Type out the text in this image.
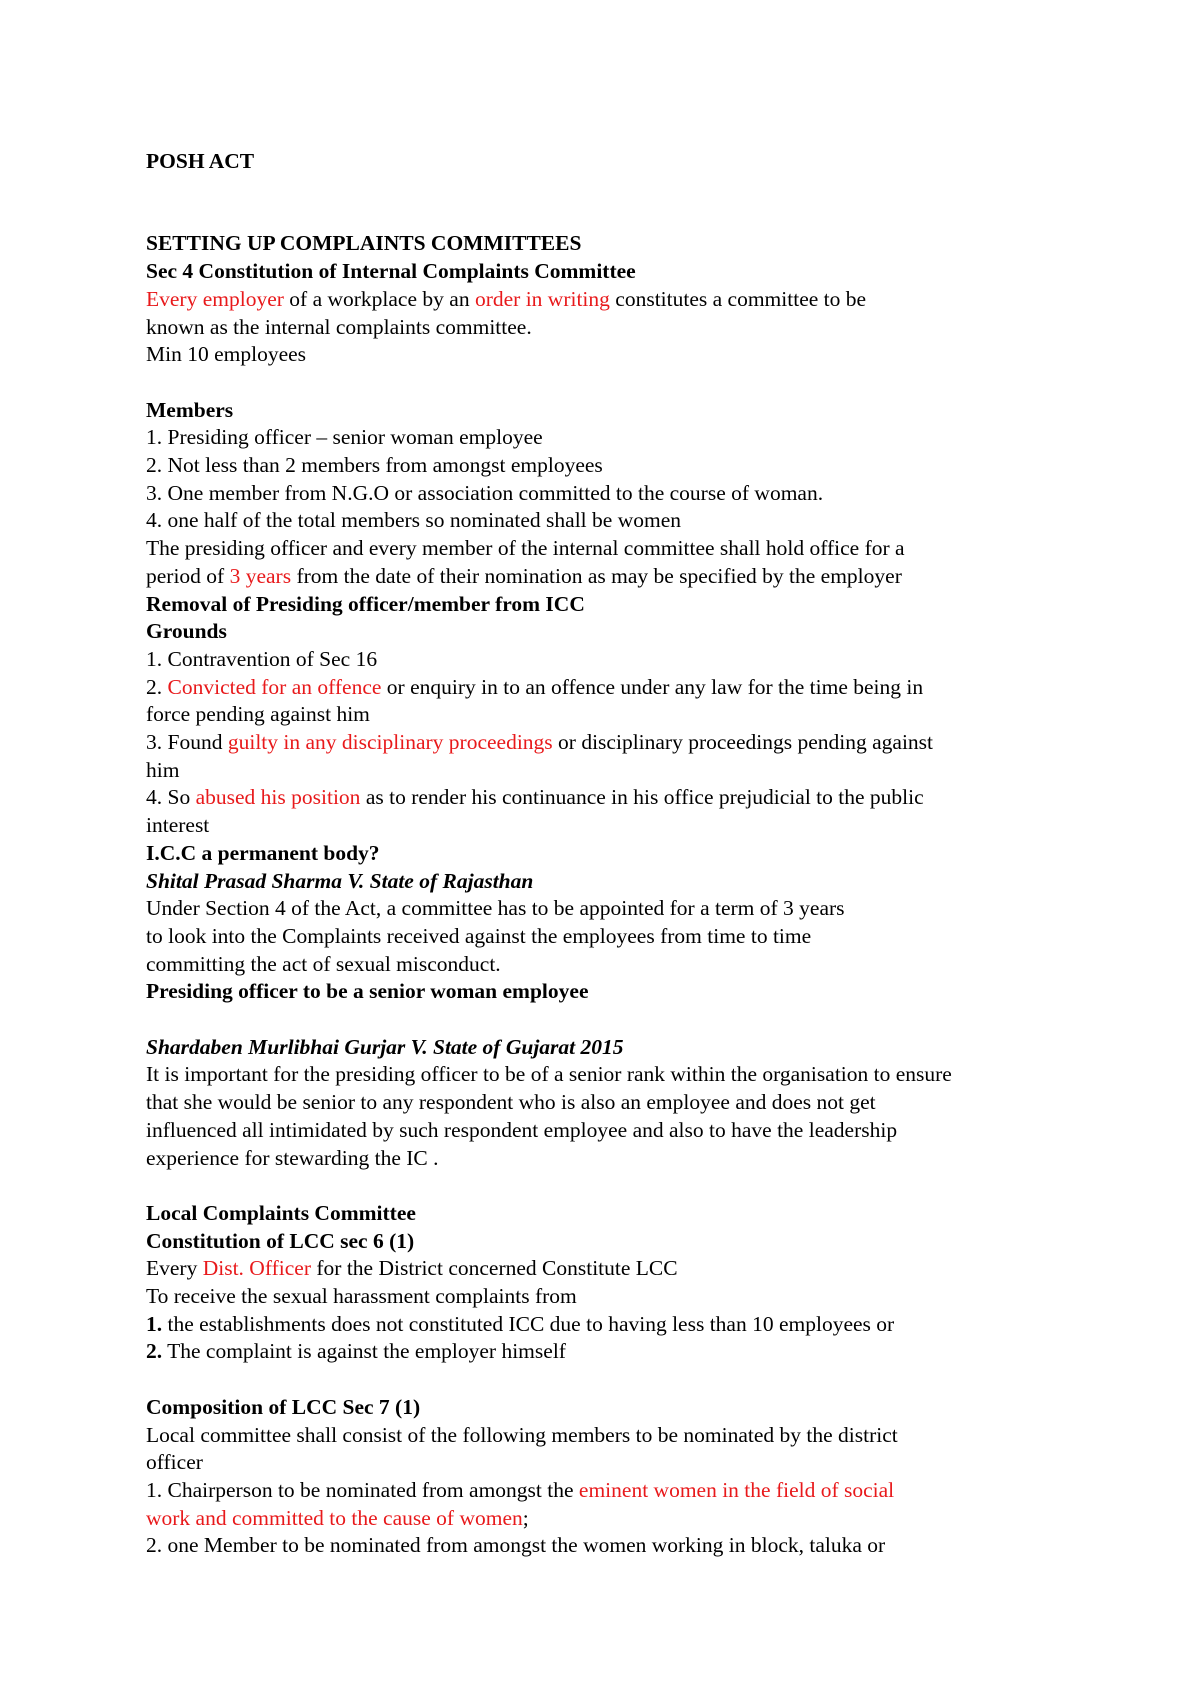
POSH ACT
SETTING UP COMPLAINTS COMMITTEES
Sec 4 Constitution of Internal Complaints Committee
Every employer of a workplace by an order in writing constitutes a committee to be
known as the internal complaints committee.
Min 10 employees
Members
1. Presiding officer – senior woman employee
2. Not less than 2 members from amongst employees
3. One member from N.G.O or association committed to the course of woman.
4. one half of the total members so nominated shall be women
The presiding officer and every member of the internal committee shall hold office for a
period of 3 years from the date of their nomination as may be specified by the employer
Removal of Presiding officer/member from ICC
Grounds
1. Contravention of Sec 16
2. Convicted for an offence or enquiry in to an offence under any law for the time being in
force pending against him
3. Found guilty in any disciplinary proceedings or disciplinary proceedings pending against
him
4. So abused his position as to render his continuance in his office prejudicial to the public
interest
I.C.C a permanent body?
Shital Prasad Sharma V. State of Rajasthan
Under Section 4 of the Act, a committee has to be appointed for a term of 3 years
to look into the Complaints received against the employees from time to time
committing the act of sexual misconduct.
Presiding officer to be a senior woman employee
Shardaben Murlibhai Gurjar V. State of Gujarat 2015
It is important for the presiding officer to be of a senior rank within the organisation to ensure
that she would be senior to any respondent who is also an employee and does not get
influenced all intimidated by such respondent employee and also to have the leadership
experience for stewarding the IC .
Local Complaints Committee
Constitution of LCC sec 6 (1)
Every Dist. Officer for the District concerned Constitute LCC
To receive the sexual harassment complaints from
1. the establishments does not constituted ICC due to having less than 10 employees or
2. The complaint is against the employer himself
Composition of LCC Sec 7 (1)
Local committee shall consist of the following members to be nominated by the district
officer
1. Chairperson to be nominated from amongst the eminent women in the field of social
work and committed to the cause of women;
2. one Member to be nominated from amongst the women working in block, taluka or
